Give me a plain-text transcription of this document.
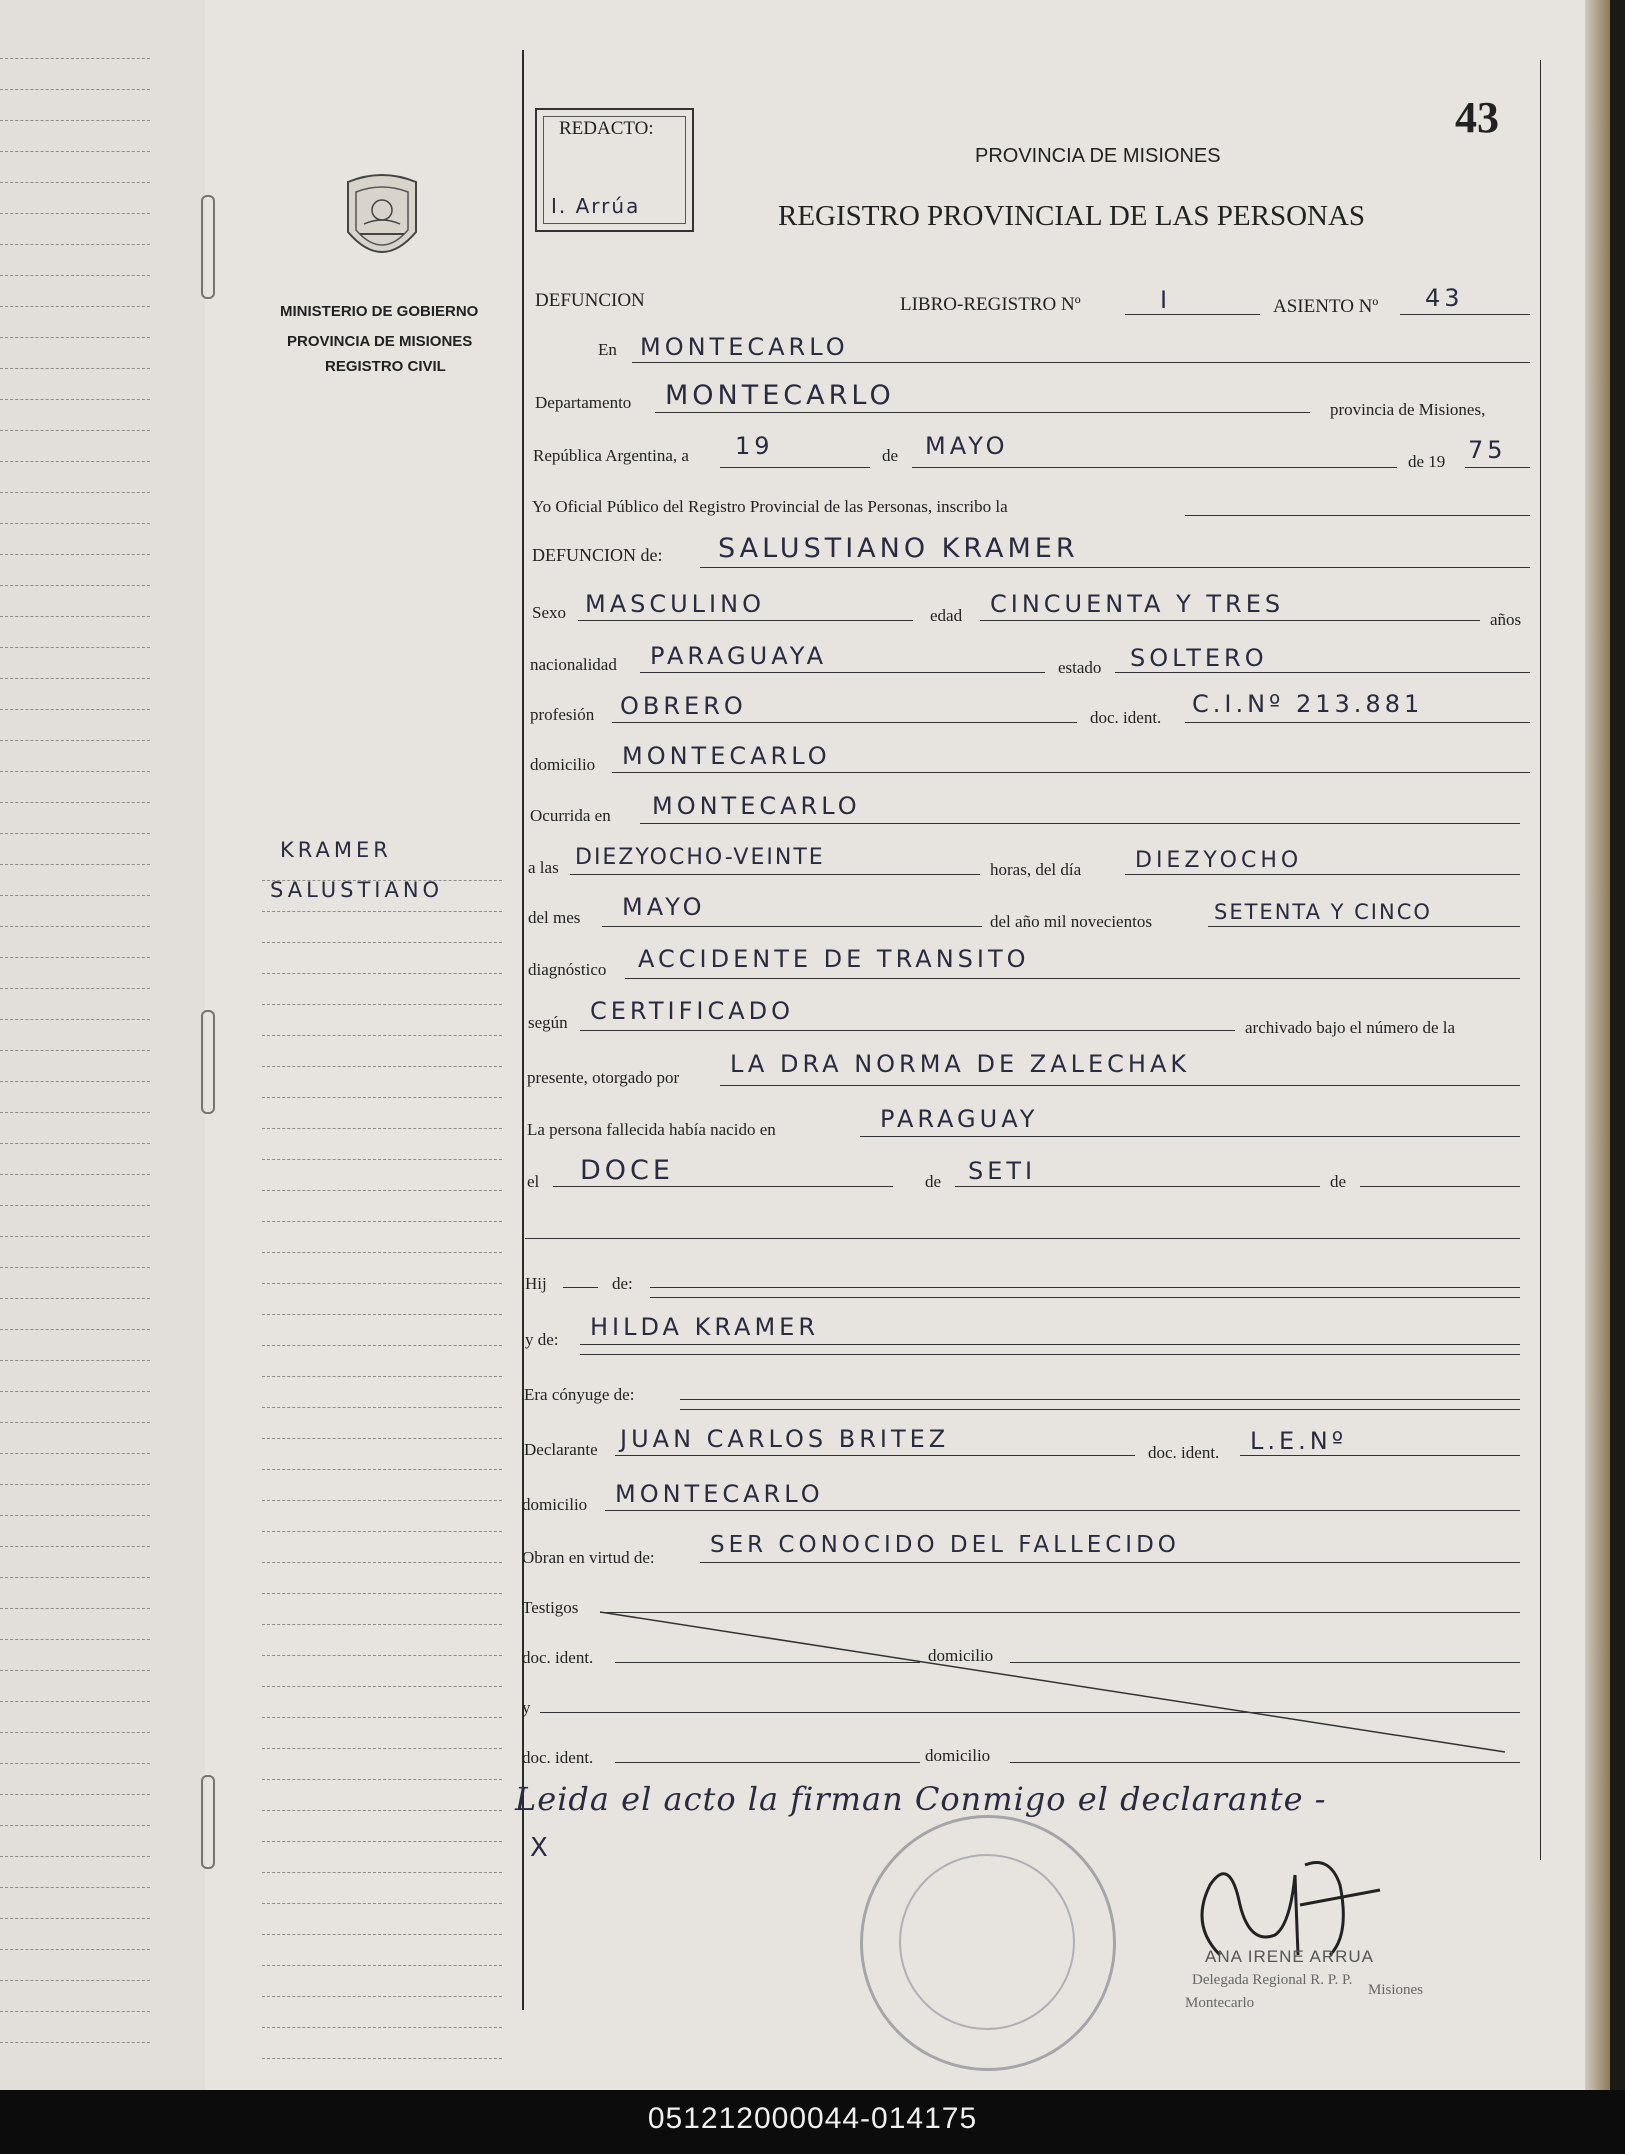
MINISTERIO DE GOBIERNO
PROVINCIA DE MISIONES
REGISTRO CIVIL
KRAMER
SALUSTIANO
REDACTO:
I. Arrúa
43
PROVINCIA DE MISIONES
REGISTRO PROVINCIAL DE LAS PERSONAS
DEFUNCION	LIBRO-REGISTRO Nº	I	ASIENTO Nº 43
En MONTECARLO
Departamento MONTECARLO	provincia de Misiones,
República Argentina, a 19	de MAYO
de 19 75
Yo Oficial Público del Registro Provincial de las Personas, inscribo la
DEFUNCION de: SALUSTIANO KRAMER
Sexo MASCULINO	edad CINCUENTA Y TRES
años
nacionalidad PARAGUAYA	estado SOLTERO
profesión OBRERO	doc. ident. C.I.Nº 213.881
domicilio MONTECARLO
Ocurrida en MONTECARLO
a las DIEZYOCHO-VEINTE	horas, del día DIEZYOCHO
del mes MAYO
del año mil novecientos	SETENTA Y CINCO
diagnóstico ACCIDENTE DE TRANSITO
según CERTIFICADO
archivado bajo el número de la
presente, otorgado por LA DRA NORMA DE ZALECHAK
La persona fallecida había nacido en	PARAGUAY
el DOCE	de SETI	de
Hij	de:
y de: HILDA KRAMER
Era cónyuge de:
Declarante JUAN CARLOS BRITEZ	doc. ident. L.E.Nº
domicilio MONTECARLO
Obran en virtud de: SER CONOCIDO DEL FALLECIDO
Testigos
doc. ident.	domicilio
y
doc. ident.	domicilio
Leida el acto la firman Conmigo el declarante -
X
ANA IRENE ARRUA
Delegada Regional R. P. P.
Montecarlo
Misiones
051212000044-014175
